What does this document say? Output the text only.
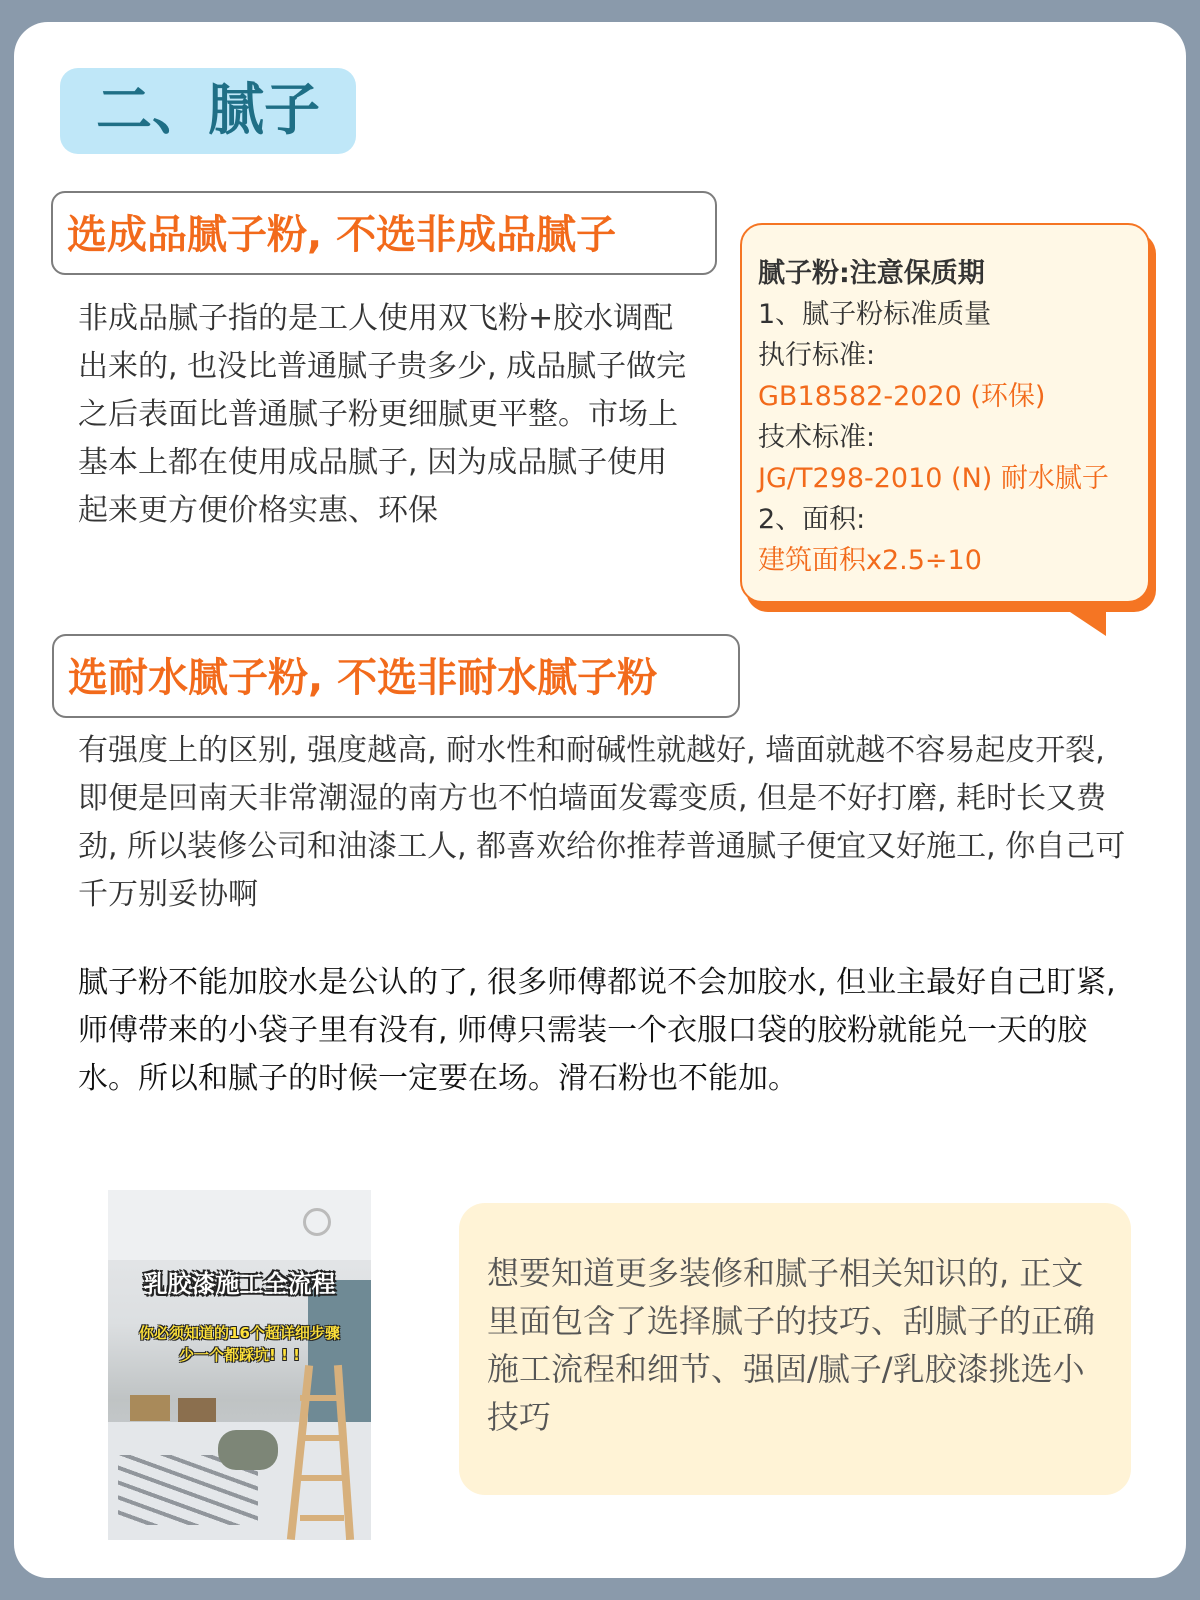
二、腻子
选成品腻子粉, 不选非成品腻子
非成品腻子指的是工人使用双飞粉+胶水调配出来的, 也没比普通腻子贵多少, 成品腻子做完之后表面比普通腻子粉更细腻更平整。市场上基本上都在使用成品腻子, 因为成品腻子使用起来更方便价格实惠、环保
腻子粉:注意保质期
1、腻子粉标准质量
执行标准:
GB18582-2020 (环保)
技术标准:
JG/T298-2010 (N) 耐水腻子
2、面积:
建筑面积x2.5÷10
选耐水腻子粉, 不选非耐水腻子粉
有强度上的区别, 强度越高, 耐水性和耐碱性就越好, 墙面就越不容易起皮开裂, 即便是回南天非常潮湿的南方也不怕墙面发霉变质, 但是不好打磨, 耗时长又费劲, 所以装修公司和油漆工人, 都喜欢给你推荐普通腻子便宜又好施工, 你自己可千万别妥协啊
腻子粉不能加胶水是公认的了, 很多师傅都说不会加胶水, 但业主最好自己盯紧, 师傅带来的小袋子里有没有, 师傅只需装一个衣服口袋的胶粉就能兑一天的胶水。所以和腻子的时候一定要在场。滑石粉也不能加。
乳胶漆施工全流程
你必须知道的16个超详细步骤
少一个都踩坑! ! !
想要知道更多装修和腻子相关知识的, 正文里面包含了选择腻子的技巧、刮腻子的正确施工流程和细节、强固/腻子/乳胶漆挑选小技巧
